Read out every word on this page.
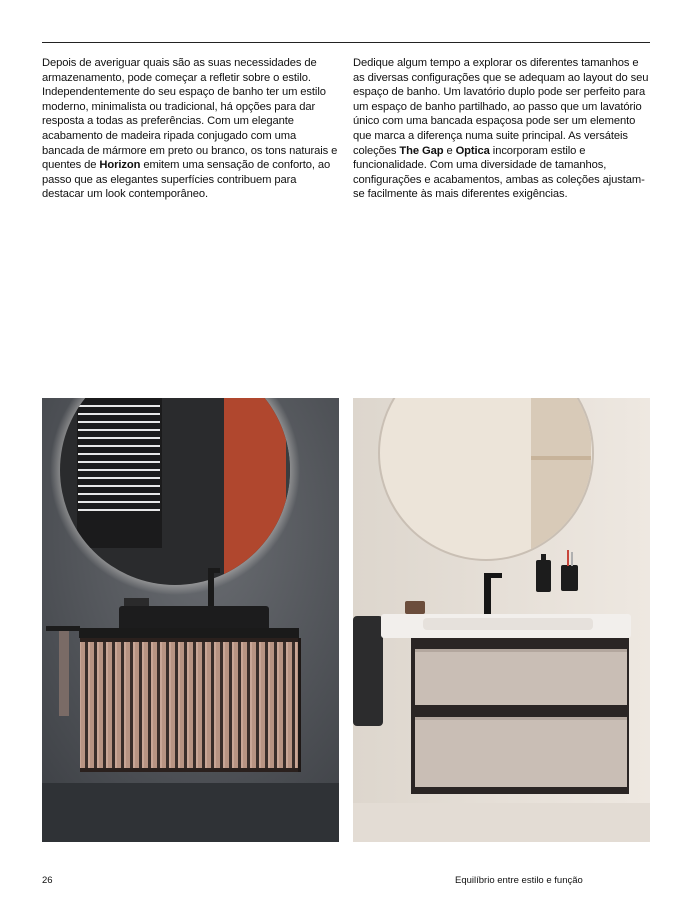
Depois de averiguar quais são as suas necessidades de armazenamento, pode começar a refletir sobre o estilo. Independentemente do seu espaço de banho ter um estilo moderno, minimalista ou tradicional, há opções para dar resposta a todas as preferências. Com um elegante acabamento de madeira ripada conjugado com uma bancada de mármore em preto ou branco, os tons naturais e quentes de Horizon emitem uma sensação de conforto, ao passo que as elegantes superfícies contribuem para destacar um look contemporâneo.
Dedique algum tempo a explorar os diferentes tamanhos e as diversas configurações que se adequam ao layout do seu espaço de banho. Um lavatório duplo pode ser perfeito para um espaço de banho partilhado, ao passo que um lavatório único com uma bancada espaçosa pode ser um elemento que marca a diferença numa suite principal. As versáteis coleções The Gap e Optica incorporam estilo e funcionalidade. Com uma diversidade de tamanhos, configurações e acabamentos, ambas as coleções ajustam-se facilmente às mais diferentes exigências.
26	Equilíbrio entre estilo e função
